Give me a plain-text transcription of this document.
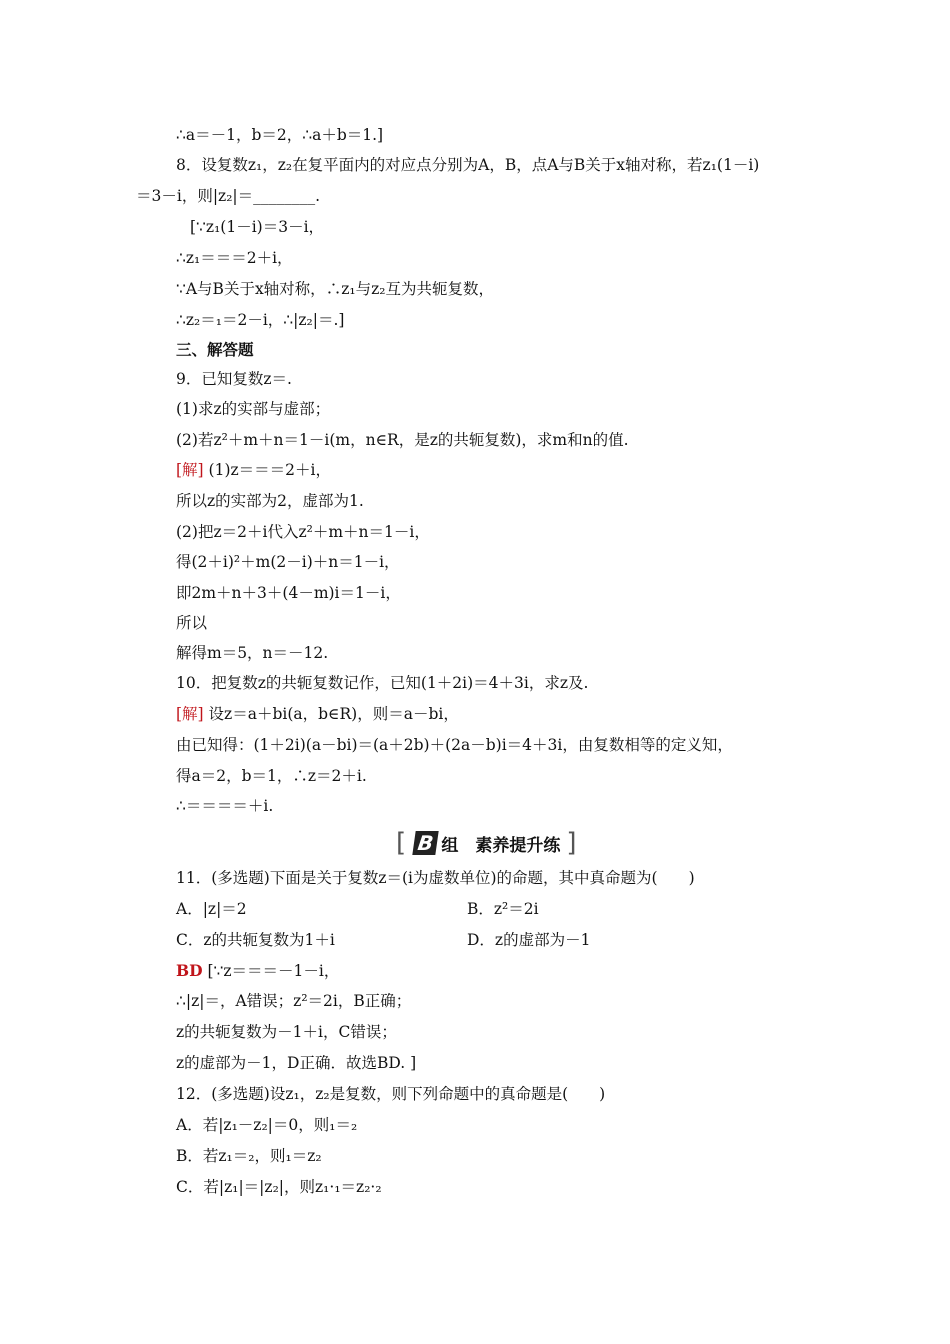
∴a＝－1，b＝2，∴a＋b＝1.]
8．设复数z₁，z₂在复平面内的对应点分别为A，B，点A与B关于x轴对称，若z₁(1－i)
＝3－i，则|z₂|＝________.
[∵z₁(1－i)＝3－i，
∴z₁＝＝＝2＋i，
∵A与B关于x轴对称，∴z₁与z₂互为共轭复数，
∴z₂＝₁＝2－i，∴|z₂|＝.]
三、解答题
9．已知复数z＝.
(1)求z的实部与虚部；
(2)若z²＋m＋n＝1－i(m，n∈R，是z的共轭复数)，求m和n的值.
[解] (1)z＝＝＝2＋i，
所以z的实部为2，虚部为1.
(2)把z＝2＋i代入z²＋m＋n＝1－i，
得(2＋i)²＋m(2－i)＋n＝1－i，
即2m＋n＋3＋(4－m)i＝1－i，
所以
解得m＝5，n＝－12.
10．把复数z的共轭复数记作，已知(1＋2i)＝4＋3i，求z及.
[解] 设z＝a＋bi(a，b∈R)，则＝a－bi，
由已知得：(1＋2i)(a－bi)＝(a＋2b)＋(2a－b)i＝4＋3i，由复数相等的定义知，
得a＝2，b＝1，∴z＝2＋i.
∴＝＝＝＝＋i.
[ B 组　素养提升练 ]
11．(多选题)下面是关于复数z＝(i为虚数单位)的命题，其中真命题为(　　)
A．|z|＝2	B．z²＝2i
C．z的共轭复数为1＋i	D．z的虚部为－1
BD [∵z＝＝＝－1－i，
∴|z|＝，A错误；z²＝2i，B正确；
z的共轭复数为－1＋i，C错误；
z的虚部为－1，D正确．故选BD. ]
12．(多选题)设z₁，z₂是复数，则下列命题中的真命题是(　　)
A．若|z₁－z₂|＝0，则₁＝₂
B．若z₁＝₂，则₁＝z₂
C．若|z₁|＝|z₂|，则z₁·₁＝z₂·₂
